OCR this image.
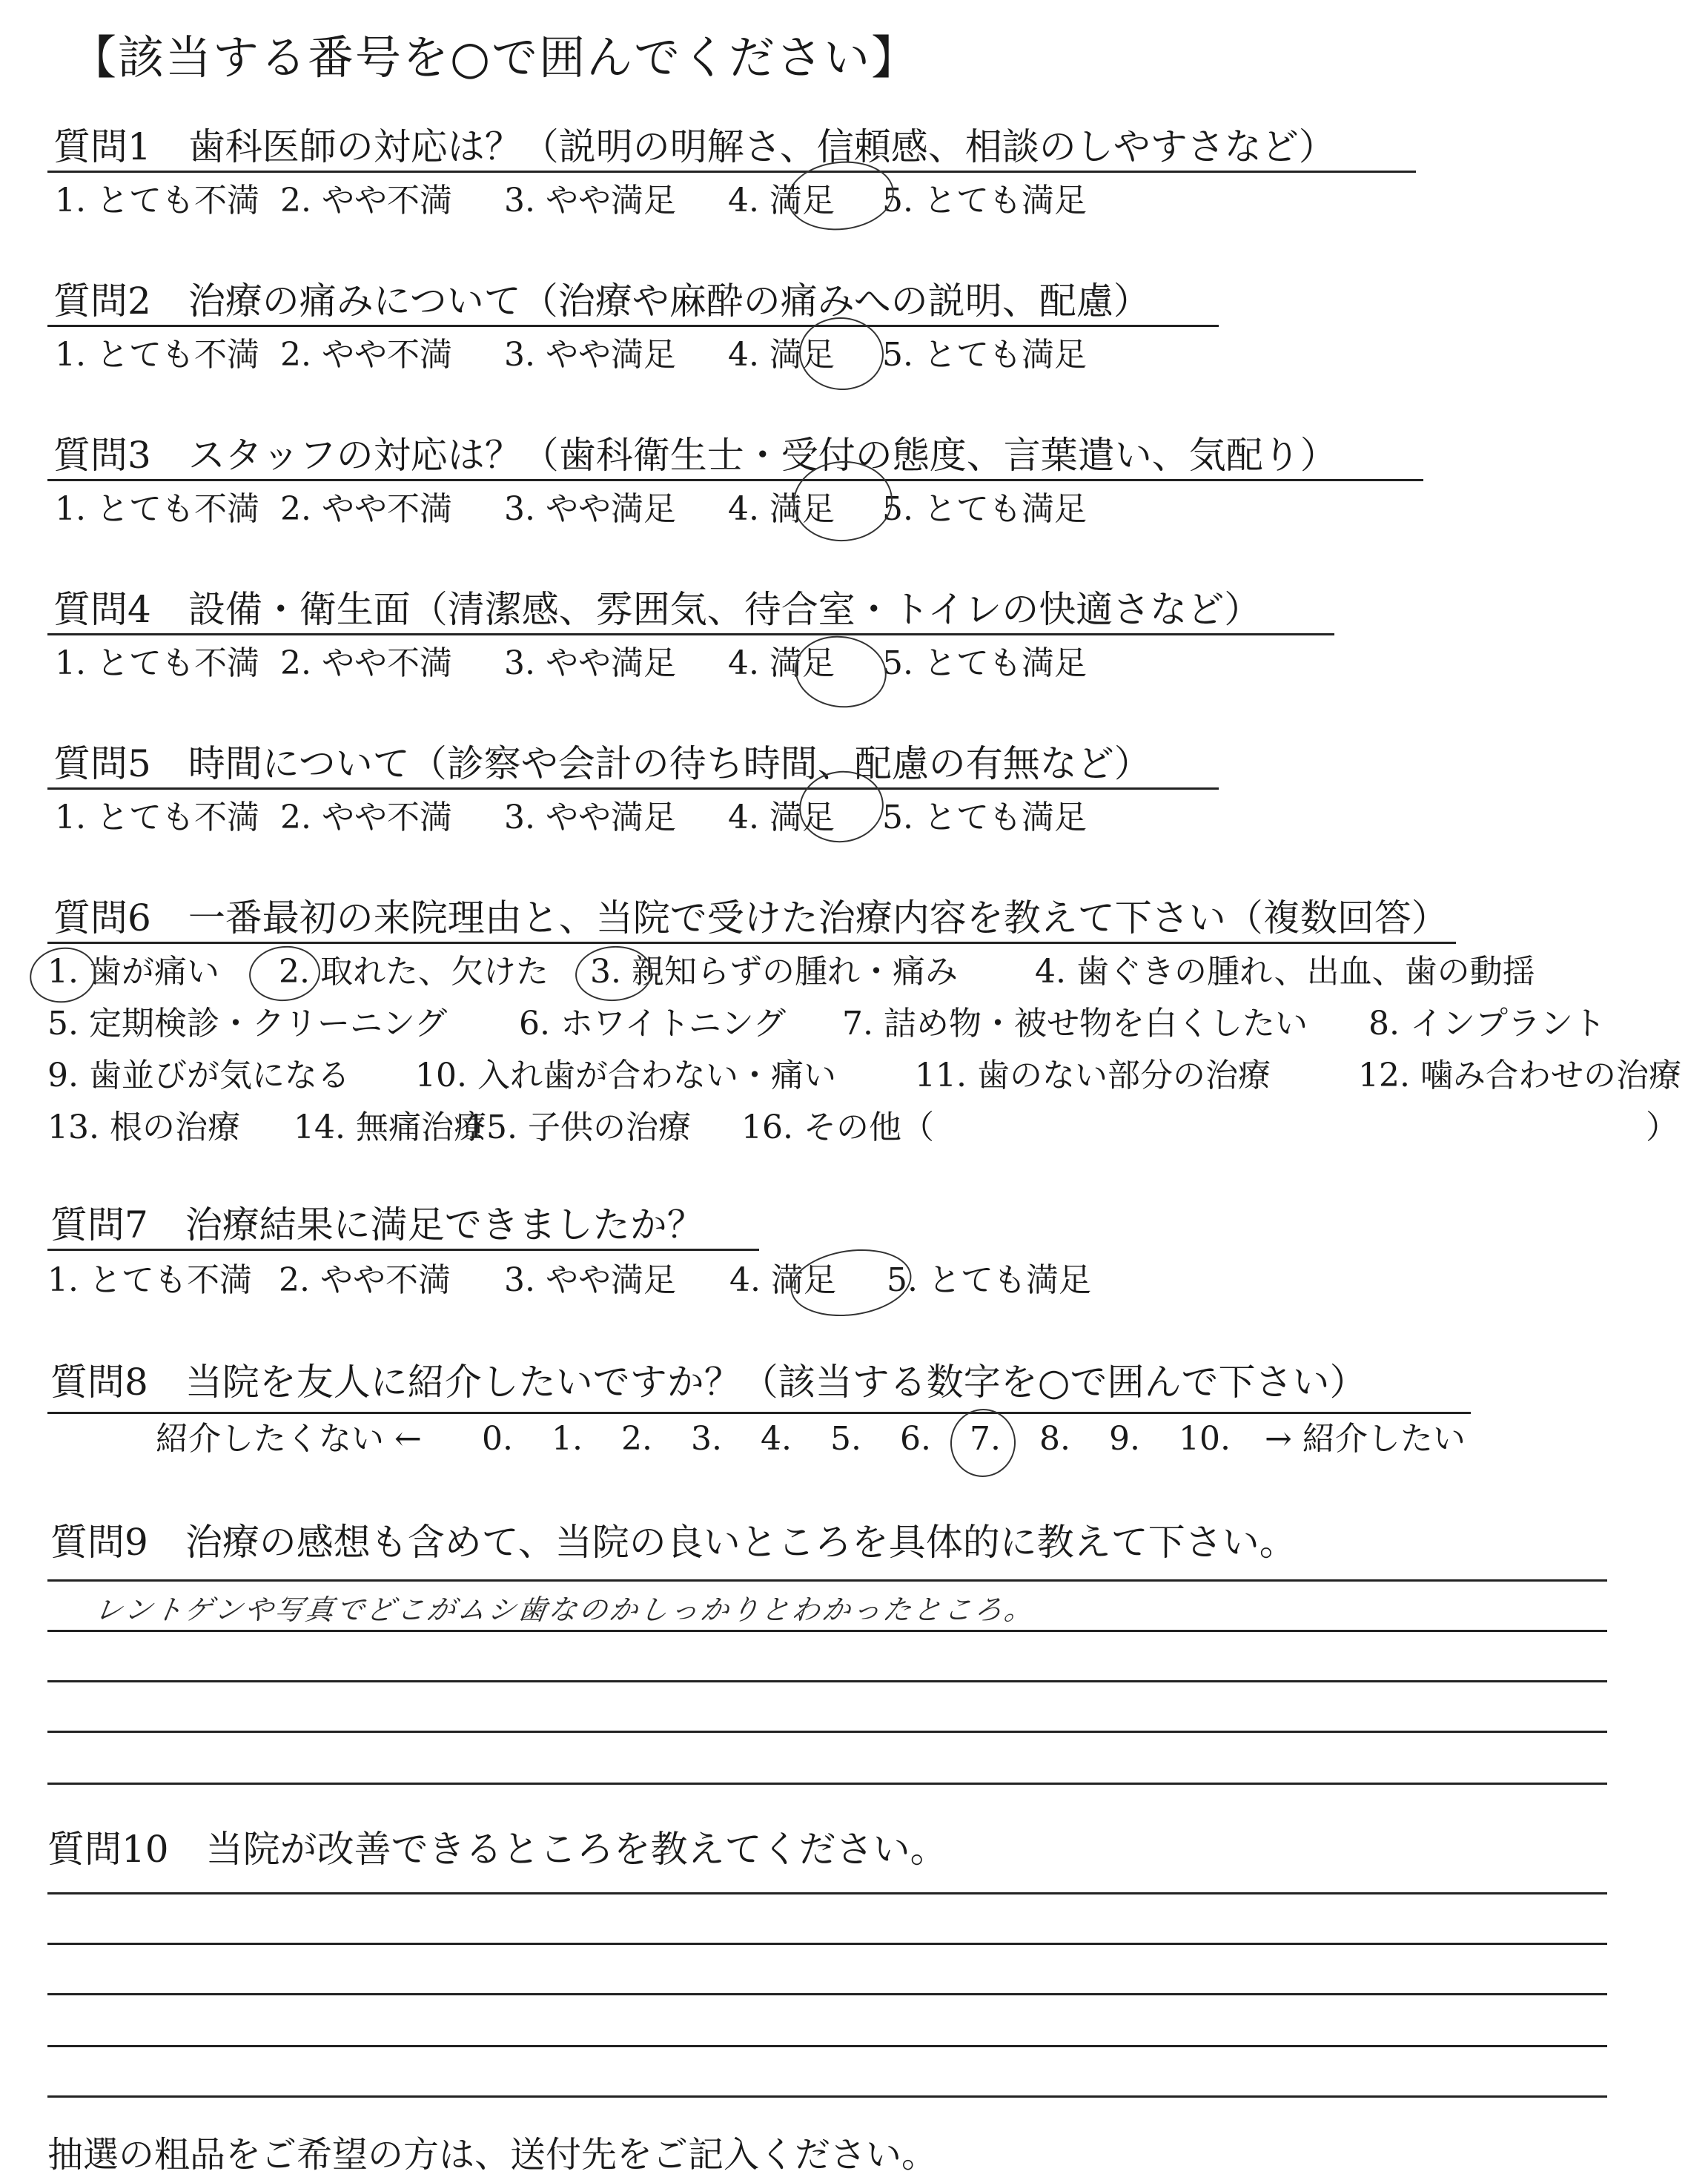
【該当する番号を○で囲んでください】
質問1 歯科医師の対応は？（説明の明解さ、信頼感、相談のしやすさなど）
1. とても不満 2. やや不満	3. やや満足	4. 満足	5. とても満足
質問2 治療の痛みについて（治療や麻酔の痛みへの説明、配慮）
1. とても不満 2. やや不満	3. やや満足	4. 満足	5. とても満足
質問3 スタッフの対応は？（歯科衛生士・受付の態度、言葉遣い、気配り）
1. とても不満 2. やや不満	3. やや満足	4. 満足	5. とても満足
質問4 設備・衛生面（清潔感、雰囲気、待合室・トイレの快適さなど）
1. とても不満 2. やや不満	3. やや満足	4. 満足	5. とても満足
質問5 時間について（診察や会計の待ち時間、配慮の有無など）
1. とても不満 2. やや不満	3. やや満足	4. 満足	5. とても満足
質問6 一番最初の来院理由と、当院で受けた治療内容を教えて下さい（複数回答）
1. 歯が痛い	2. 取れた、欠けた	3. 親知らずの腫れ・痛み	4. 歯ぐきの腫れ、出血、歯の動揺
5. 定期検診・クリーニング	6. ホワイトニング	7. 詰め物・被せ物を白くしたい	8. インプラント
9. 歯並びが気になる	10. 入れ歯が合わない・痛い	11. 歯のない部分の治療	12. 噛み合わせの治療
13. 根の治療	14. 無痛治療
15. 子供の治療	16. その他（	）
質問7 治療結果に満足できましたか？
1. とても不満 2. やや不満	3. やや満足	4. 満足	5. とても満足
質問8 当院を友人に紹介したいですか？（該当する数字を○で囲んで下さい）
紹介したくない ←	0.	1.	2.	3.	4.	5.	6.	7.	8.	9.	10.	→ 紹介したい
質問9 治療の感想も含めて、当院の良いところを具体的に教えて下さい。
レントゲンや写真でどこがムシ歯なのかしっかりとわかったところ。
質問10 当院が改善できるところを教えてください。
抽選の粗品をご希望の方は、送付先をご記入ください。
